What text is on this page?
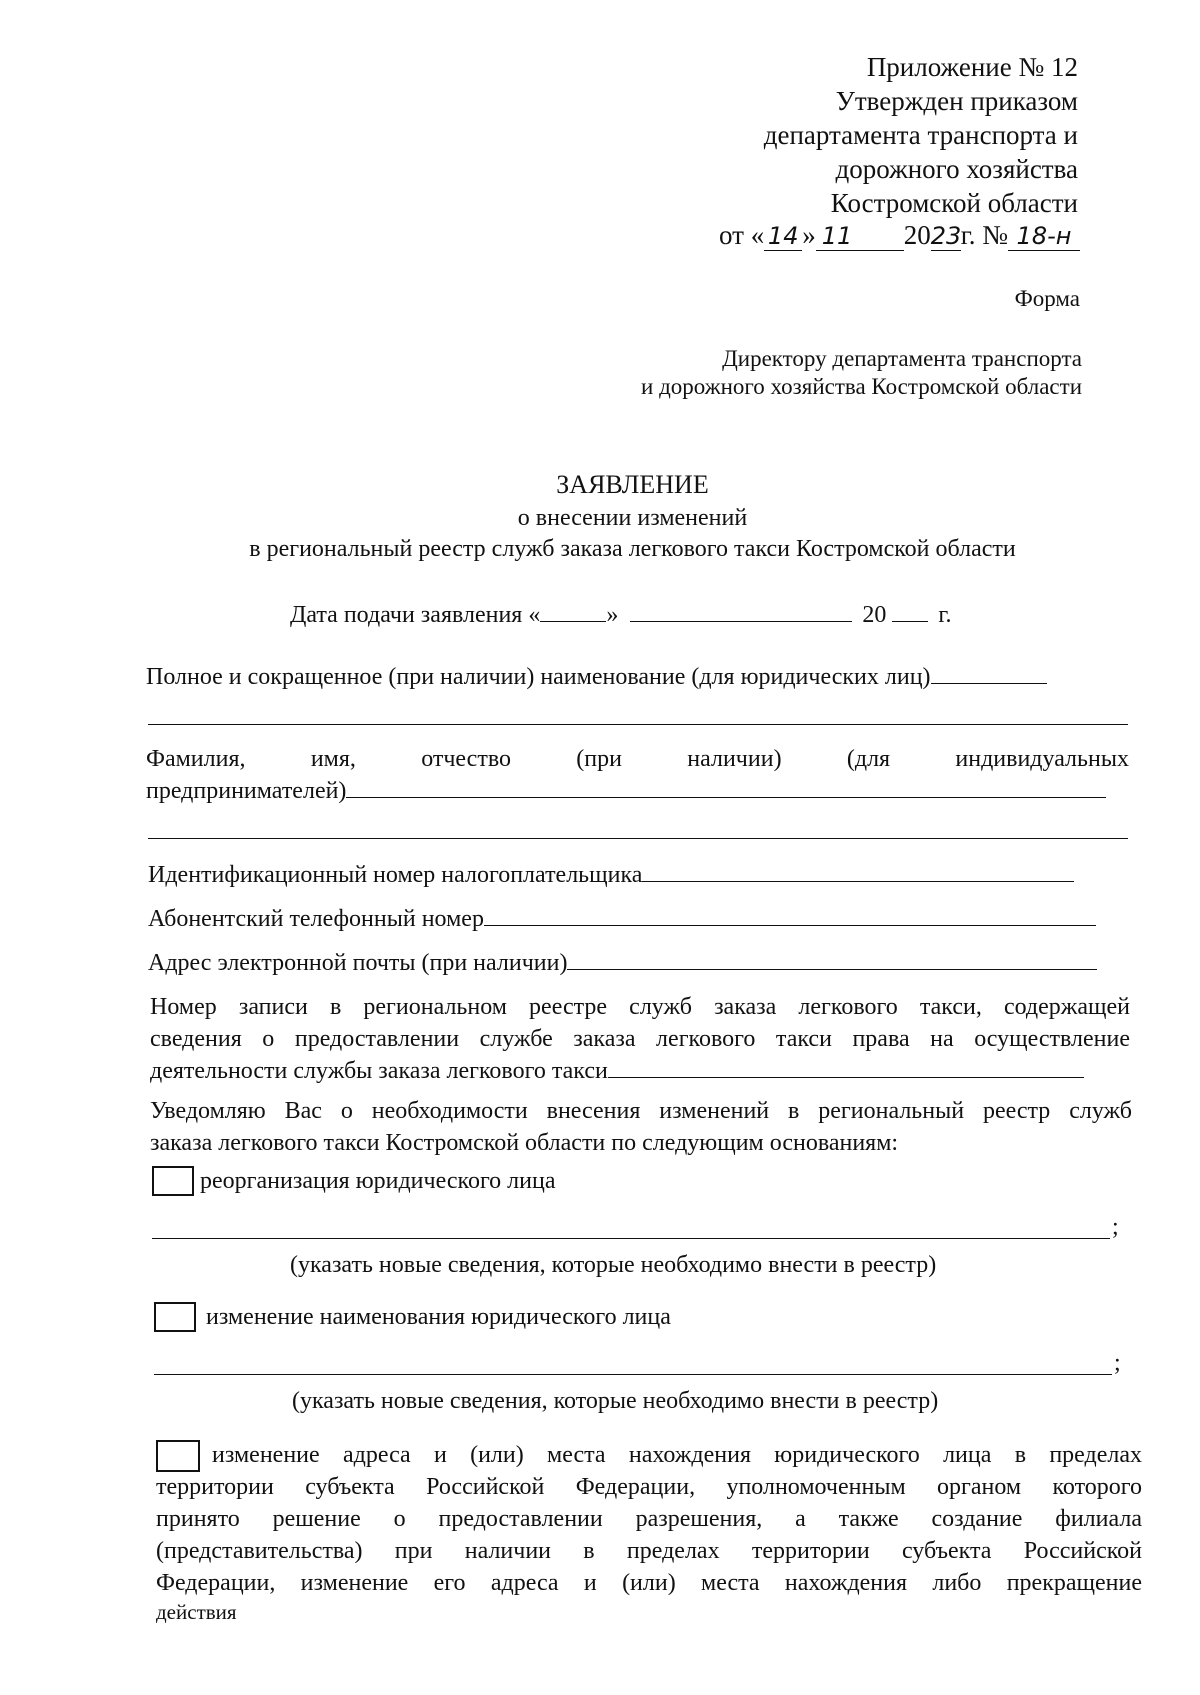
Приложение № 12
Утвержден приказом
департамента транспорта и
дорожного хозяйства
Костромской области
от « 14 » 11 2023г. № 18-н
Форма
Директору департамента транспорта
и дорожного хозяйства Костромской области
ЗАЯВЛЕНИЕ
о внесении изменений
в региональный реестр служб заказа легкового такси Костромской области
Дата подачи заявления «	»	20 г.
Полное и сокращенное (при наличии) наименование (для юридических лиц)
Фамилия,	имя,	отчество	(при	наличии)	(для	индивидуальных
предпринимателей)
Идентификационный номер налогоплательщика
Абонентский телефонный номер
Адрес электронной почты (при наличии)
Номер записи в региональном реестре служб заказа легкового такси, содержащей
сведения о предоставлении службе заказа легкового такси права на осуществление
деятельности службы заказа легкового такси
Уведомляю Вас о необходимости внесения изменений в региональный реестр служб
заказа легкового такси Костромской области по следующим основаниям:
реорганизация юридического лица
;
(указать новые сведения, которые необходимо внести в реестр)
изменение наименования юридического лица
;
(указать новые сведения, которые необходимо внести в реестр)
изменение адреса и (или) места нахождения юридического лица в пределах
территории субъекта Российской Федерации, уполномоченным органом которого
принято решение о предоставлении разрешения, а также создание филиала
(представительства) при наличии в пределах территории субъекта Российской
Федерации, изменение его адреса и (или) места нахождения либо прекращение
действия
